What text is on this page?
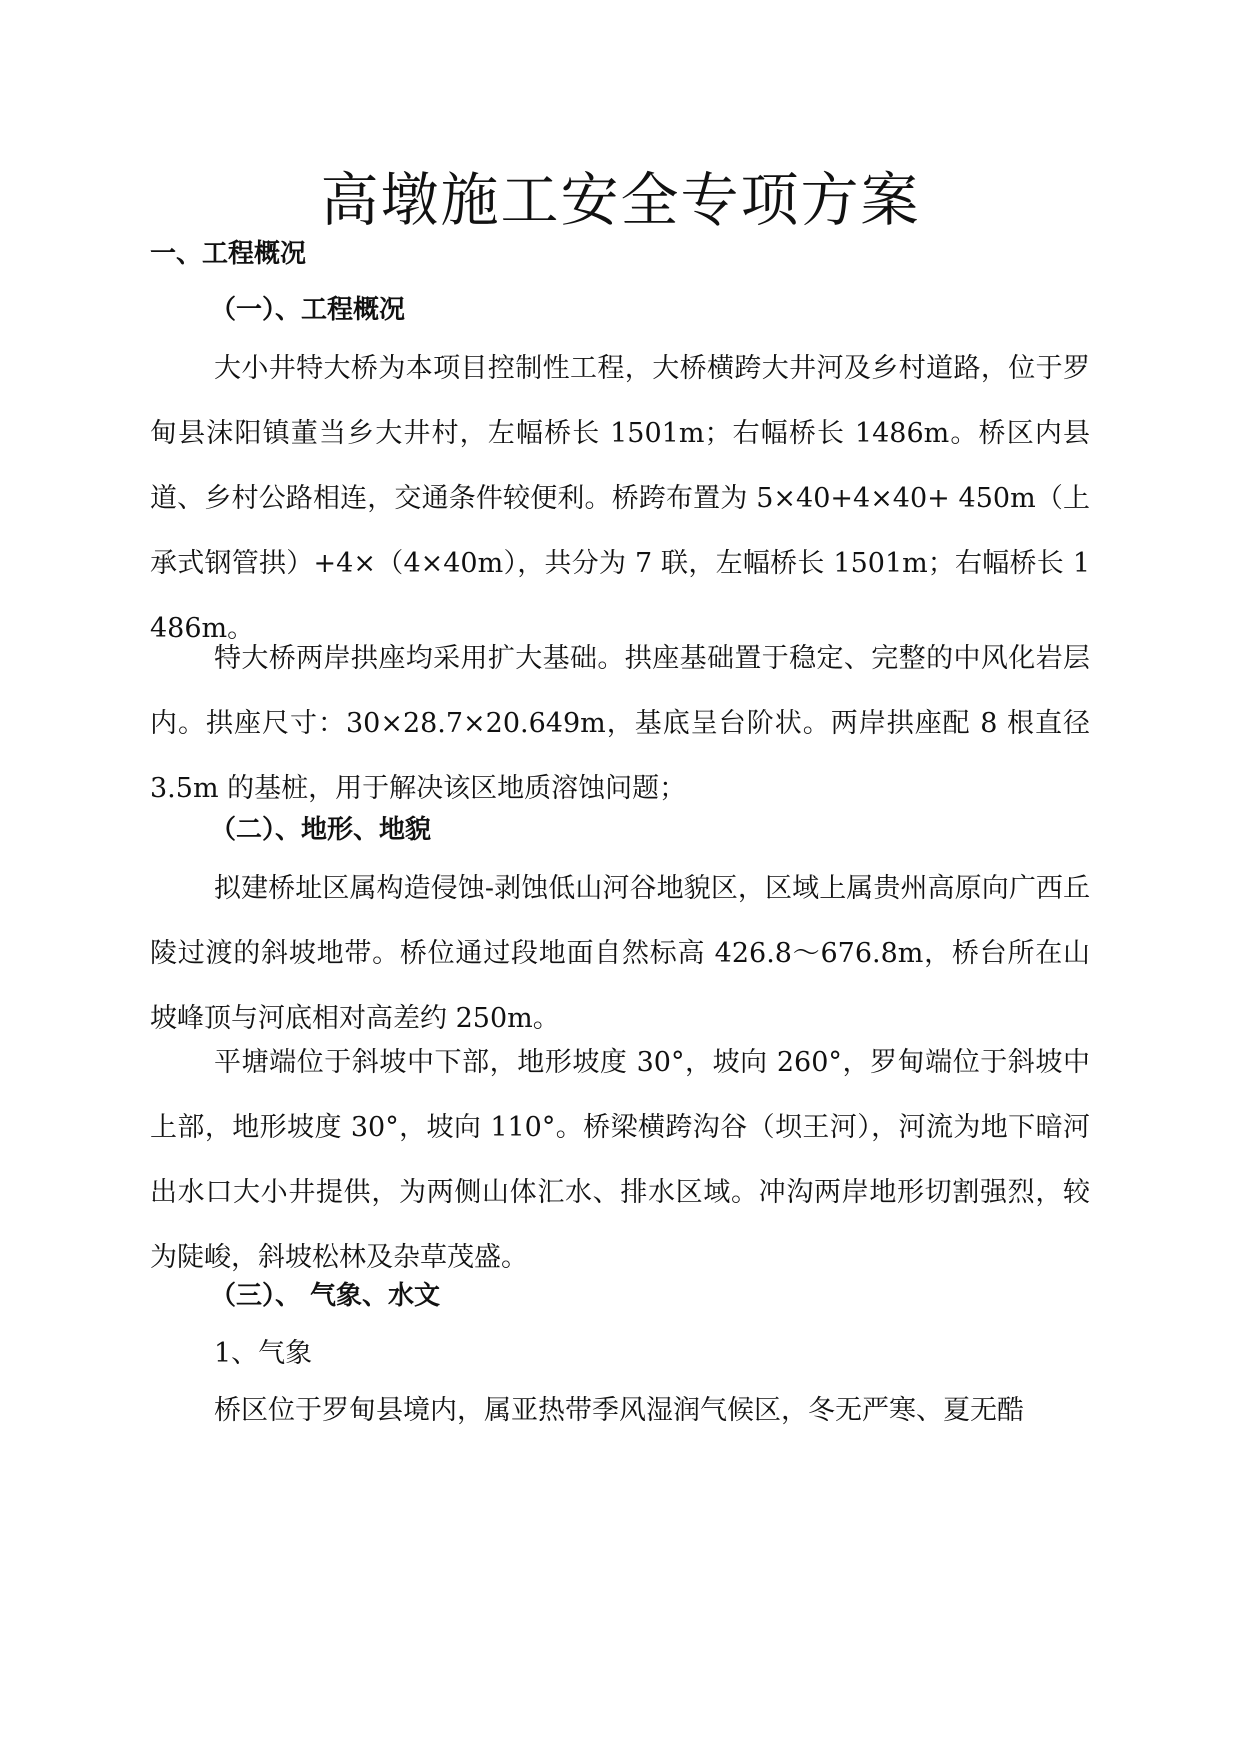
高墩施工安全专项方案
一、工程概况
（一）、工程概况

大小井特大桥为本项目控制性工程，大桥横跨大井河及乡村道路，位于罗甸县沫阳镇董当乡大井村，左幅桥长 1501m；右幅桥长 1486m。桥区内县道、乡村公路相连，交通条件较便利。桥跨布置为 5×40+4×40+ 450m（上承式钢管拱）+4×（4×40m），共分为 7 联，左幅桥长 1501m；右幅桥长 1486m。

特大桥两岸拱座均采用扩大基础。拱座基础置于稳定、完整的中风化岩层内。拱座尺寸：30×28.7×20.649m，基底呈台阶状。两岸拱座配 8 根直径 3.5m 的基桩，用于解决该区地质溶蚀问题；

（二）、地形、地貌

拟建桥址区属构造侵蚀-剥蚀低山河谷地貌区，区域上属贵州高原向广西丘陵过渡的斜坡地带。桥位通过段地面自然标高 426.8～676.8m，桥台所在山坡峰顶与河底相对高差约 250m。

平塘端位于斜坡中下部，地形坡度 30°，坡向 260°，罗甸端位于斜坡中上部，地形坡度 30°，坡向 110°。桥梁横跨沟谷（坝王河），河流为地下暗河出水口大小井提供，为两侧山体汇水、排水区域。冲沟两岸地形切割强烈，较为陡峻，斜坡松林及杂草茂盛。

（三）、 气象、水文
1、气象

桥区位于罗甸县境内，属亚热带季风湿润气候区，冬无严寒、夏无酷
